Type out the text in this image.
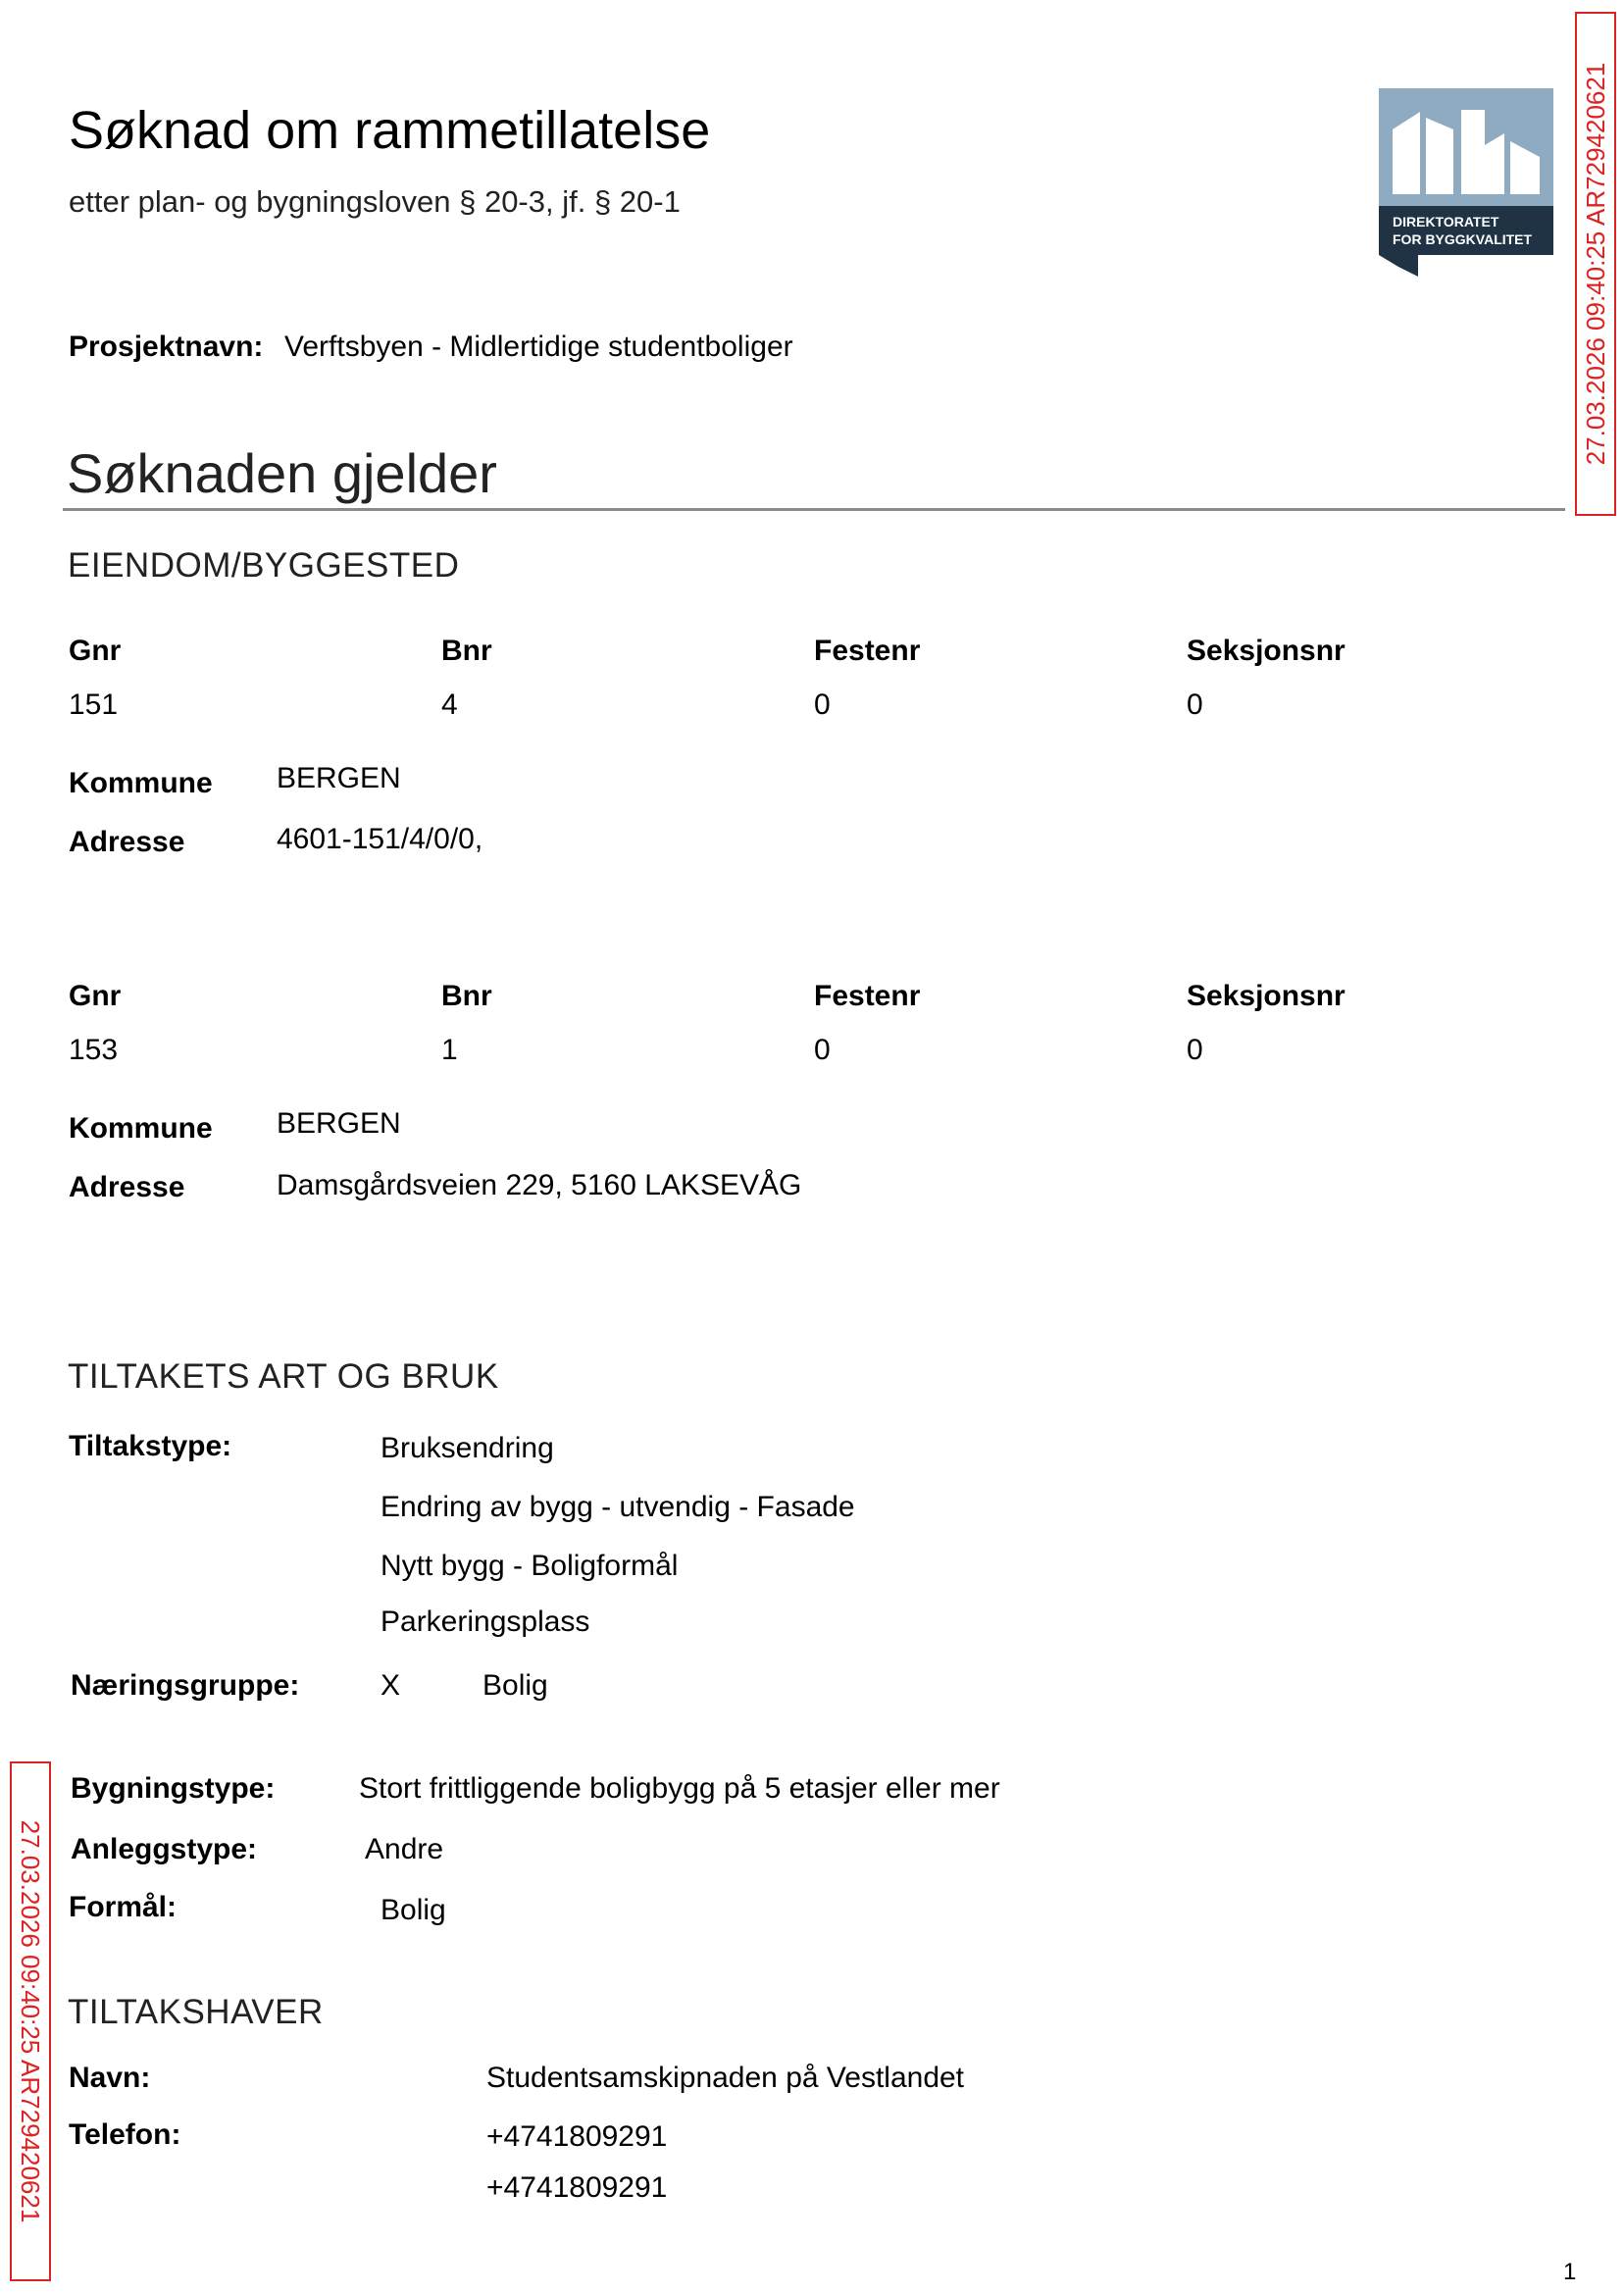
Søknad om rammetillatelse
etter plan- og bygningsloven § 20-3, jf. § 20-1
DIREKTORATET
FOR BYGGKVALITET 27.03.2026 09:40:25 AR729420621
Prosjektnavn: Verftsbyen - Midlertidige studentboliger
Søknaden gjelder
EIENDOM/BYGGESTED
Gnr	Bnr	Festenr	Seksjonsnr
151	4	0	0
Kommune BERGEN
Adresse	4601-151/4/0/0,
Gnr	Bnr	Festenr	Seksjonsnr
153	1	0	0
Kommune BERGEN
Adresse	Damsgårdsveien 229, 5160 LAKSEVÅG
TILTAKETS ART OG BRUK
Tiltakstype:	Bruksendring
Endring av bygg - utvendig - Fasade
Nytt bygg - Boligformål
Parkeringsplass
Næringsgruppe:	X	Bolig
27.03.2026 09:40:25 AR729420621
Bygningstype:	Stort frittliggende boligbygg på 5 etasjer eller mer
Anleggstype:	Andre
Formål:	Bolig
TILTAKSHAVER
Navn:	Studentsamskipnaden på Vestlandet
Telefon:	+4741809291
+4741809291
1
